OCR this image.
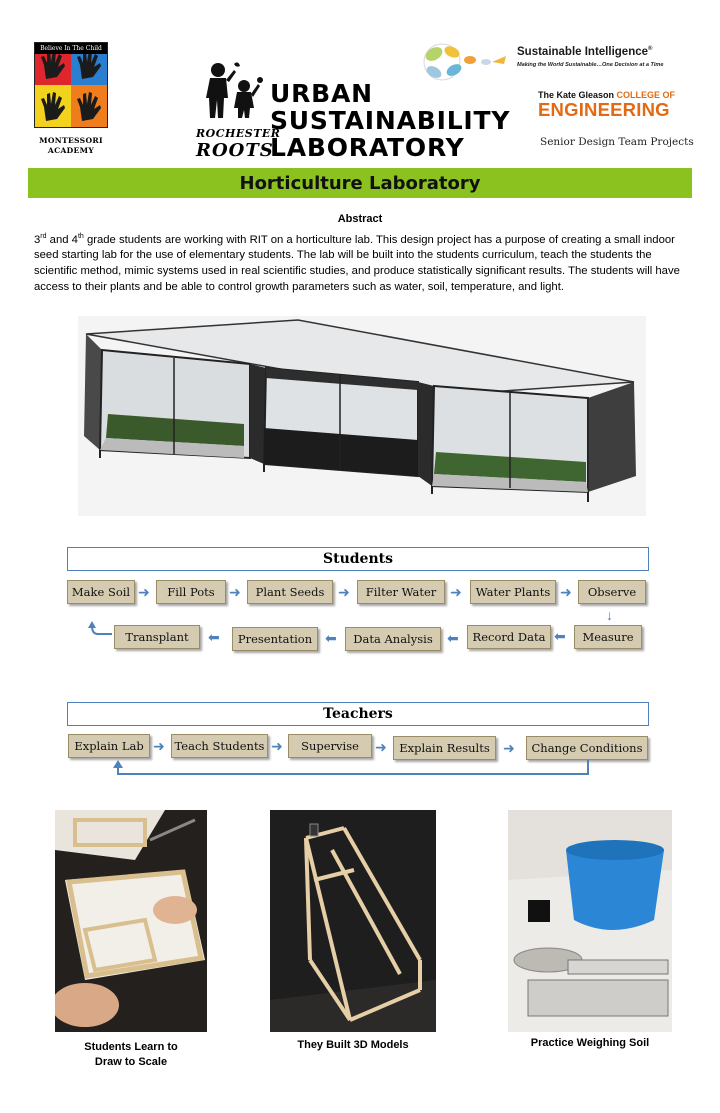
Believe In The Child
MONTESSORI
ACADEMY
ROCHESTER
ROOTS
URBAN
SUSTAINABILITY
LABORATORY
Sustainable Intelligence®
Making the World Sustainable…One Decision at a Time
The Kate Gleason COLLEGE OF
ENGINEERING
Senior Design Team Projects
Horticulture Laboratory
Abstract
3rd and 4th grade students are working with RIT on a horticulture lab. This design project has a purpose of creating a small indoor seed starting lab for the use of elementary students. The lab will be built into the students curriculum, teach the students the scientific method, mimic systems used in real scientific studies, and produce statistically significant results. The students will have access to their plants and be able to control growth parameters such as water, soil, temperature, and light.
Students
Make Soil	Fill Pots	Plant Seeds	Filter Water	Water Plants	Observe
➜	➜	➜	➜	➜
↓
Transplant	Presentation	Data Analysis	Record Data	Measure
⬅
⬅
⬅
⬅
Teachers
Explain Lab	Teach Students	Supervise	Explain Results	Change Conditions
➜	➜	➜	➜
Students Learn to
Draw to Scale
They Built 3D Models	Practice Weighing Soil
